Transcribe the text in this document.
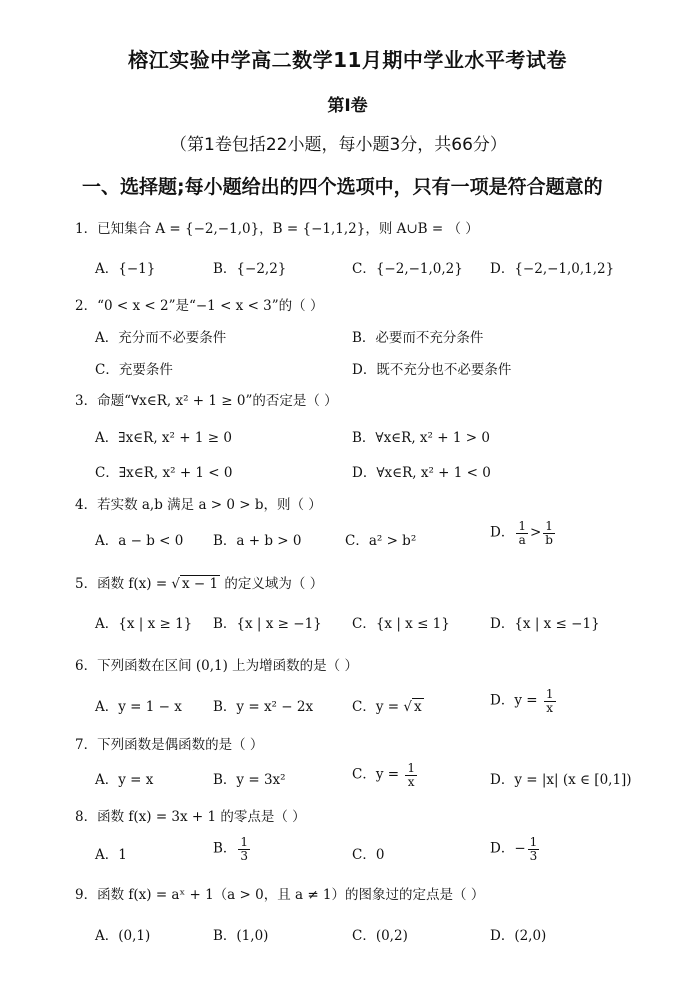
榕江实验中学高二数学11月期中学业水平考试卷
第Ⅰ卷
（第1卷包括22小题，每小题3分，共66分）
一、选择题;每小题给出的四个选项中，只有一项是符合题意的
1．已知集合 A = {−2,−1,0}，B = {−1,1,2}，则 A∪B = （ ）
A．{−1}	B．{−2,2}	C．{−2,−1,0,2} D．{−2,−1,0,1,2}
2．“0 < x < 2”是“−1 < x < 3”的（ ）
A．充分而不必要条件	B．必要而不充分条件
C．充要条件	D．既不充分也不必要条件
3．命题“∀x∈R, x² + 1 ≥ 0”的否定是（ ）
A．∃x∈R, x² + 1 ≥ 0	B．∀x∈R, x² + 1 > 0
C．∃x∈R, x² + 1 < 0	D．∀x∈R, x² + 1 < 0
4．若实数 a,b 满足 a > 0 > b，则（ ）
A．a − b < 0 B．a + b > 0	C．a² > b²
D． $\frac{1}{a} > \frac{1}{b}$
5．函数 f(x) = √ x − 1 的定义域为（ ）
A．{x | x ≥ 1} B．{x | x ≥ −1} C．{x | x ≤ 1}	D．{x | x ≤ −1}
6．下列函数在区间 (0,1) 上为增函数的是（ ）
A．y = 1 − x B．y = x² − 2x	C．y = √ x	D．$y = \frac{1}{x}$
7．下列函数是偶函数的是（ ）
A．y = x	B．y = 3x²	C．$y = \frac{1}{x}$	D．y = |x| (x ∈ [0,1])
8．函数 f(x) = 3x + 1 的零点是（ ）
A．1	B． $\frac{1}{3}$	C．0	D．− $\frac{1}{3}$
9．函数 f(x) = aˣ + 1（a > 0，且 a ≠ 1）的图象过的定点是（ ）
A．(0,1)	B．(1,0)	C．(0,2)	D．(2,0)
